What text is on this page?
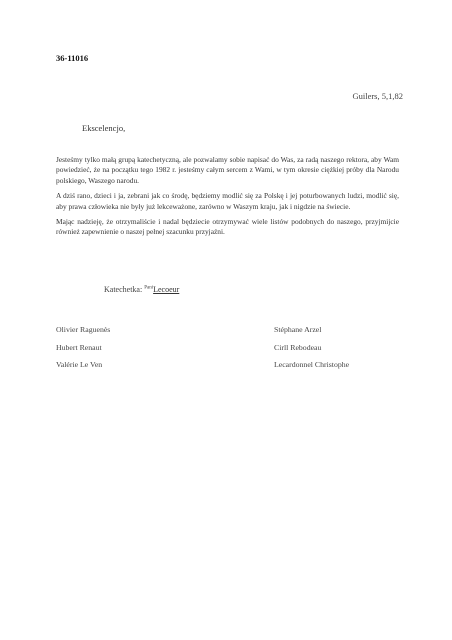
36-11016
Guilers, 5,1,82
Ekscelencjo,

Jesteśmy tylko małą grupą katechetyczną, ale pozwalamy sobie napisać do Was, za radą naszego rektora, aby Wam powiedzieć, że na początku tego 1982 r. jesteśmy całym sercem z Wami, w tym okresie ciężkiej próby dla Narodu polskiego, Waszego narodu.

A dziś rano, dzieci i ja, zebrani jak co środę, będziemy modlić się za Polskę i jej poturbowanych ludzi, modlić się, aby prawa człowieka nie były już lekceważone, zarówno w Waszym kraju, jak i nigdzie na świecie.

Mając nadzieję, że otrzymaliście i nadal będziecie otrzymywać wiele listów podobnych do naszego, przyjmijcie również zapewnienie o naszej pełnej szacunku przyjaźni.

Katechetka: $^{Pani}$Lecoeur
Olivier Raguenès
Hubert Renaut
Valérie Le Ven
Stéphane Arzel
Cirll Rebodeau
Lecardonnel Christophe
